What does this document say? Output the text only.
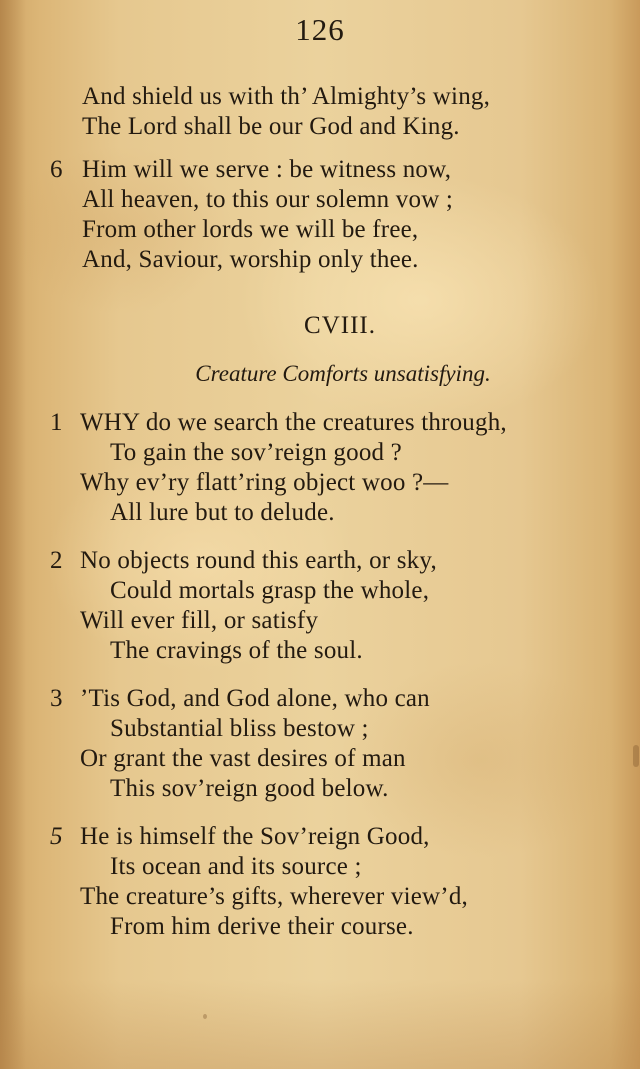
126
And shield us with th’ Almighty’s wing,
The Lord shall be our God and King.
6 Him will we serve : be witness now,
All heaven, to this our solemn vow ;
From other lords we will be free,
And, Saviour, worship only thee.
CVIII.
Creature Comforts unsatisfying.
1 WHY do we search the creatures through,
To gain the sov’reign good ?
Why ev’ry flatt’ring object woo ?—
All lure but to delude.
2 No objects round this earth, or sky,
Could mortals grasp the whole,
Will ever fill, or satisfy
The cravings of the soul.
3 ’Tis God, and God alone, who can
Substantial bliss bestow ;
Or grant the vast desires of man
This sov’reign good below.
5 He is himself the Sov’reign Good,
Its ocean and its source ;
The creature’s gifts, wherever view’d,
From him derive their course.
